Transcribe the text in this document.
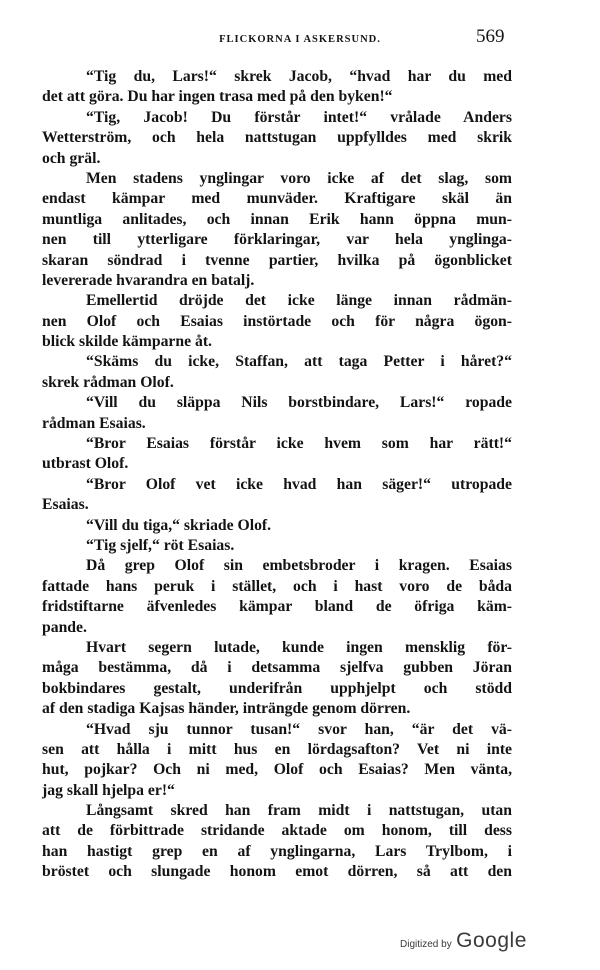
FLICKORNA I ASKERSUND.	569
“Tig du, Lars!“ skrek Jacob, “hvad har du med
det att göra. Du har ingen trasa med på den byken!“
“Tig, Jacob! Du förstår intet!“ vrålade Anders
Wetterström, och hela nattstugan uppfylldes med skrik
och gräl.
Men stadens ynglingar voro icke af det slag, som
endast kämpar med munväder. Kraftigare skäl än
muntliga anlitades, och innan Erik hann öppna mun-
nen till ytterligare förklaringar, var hela ynglinga-
skaran söndrad i tvenne partier, hvilka på ögonblicket
levererade hvarandra en batalj.
Emellertid dröjde det icke länge innan rådmän-
nen Olof och Esaias instörtade och för några ögon-
blick skilde kämparne åt.
“Skäms du icke, Staffan, att taga Petter i håret?“
skrek rådman Olof.
“Vill du släppa Nils borstbindare, Lars!“ ropade
rådman Esaias.
“Bror Esaias förstår icke hvem som har rätt!“
utbrast Olof.
“Bror Olof vet icke hvad han säger!“ utropade
Esaias.
“Vill du tiga,“ skriade Olof.
“Tig sjelf,“ röt Esaias.
Då grep Olof sin embetsbroder i kragen. Esaias
fattade hans peruk i stället, och i hast voro de båda
fridstiftarne äfvenledes kämpar bland de öfriga käm-
pande.
Hvart segern lutade, kunde ingen mensklig för-
måga bestämma, då i detsamma sjelfva gubben Jöran
bokbindares gestalt, underifrån upphjelpt och stödd
af den stadiga Kajsas händer, inträngde genom dörren.
“Hvad sju tunnor tusan!“ svor han, “är det vä-
sen att hålla i mitt hus en lördagsafton? Vet ni inte
hut, pojkar? Och ni med, Olof och Esaias? Men vänta,
jag skall hjelpa er!“
Långsamt skred han fram midt i nattstugan, utan
att de förbittrade stridande aktade om honom, till dess
han hastigt grep en af ynglingarna, Lars Trylbom, i
bröstet och slungade honom emot dörren, så att den
Digitized by Google
